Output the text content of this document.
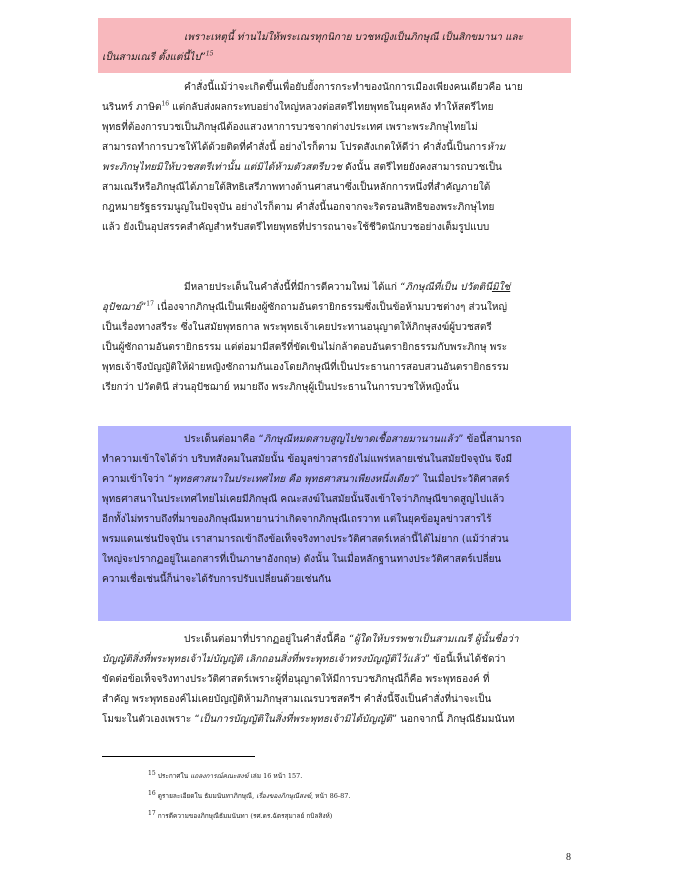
เพราะเหตุนี้ ท่านไม่ให้พระเณรทุกนิกาย บวชหญิงเป็นภิกษุณี เป็นสิกขมานา และ
เป็นสามเณรี ตั้งแต่นี้ไป”$^{15}$
คำสั่งนี้แม้ว่าจะเกิดขึ้นเพื่อยับยั้งการกระทำของนักการเมืองเพียงคนเดียวคือ นาย
นรินทร์ ภาษิต$^{16}$ แต่กลับส่งผลกระทบอย่างใหญ่หลวงต่อสตรีไทยพุทธในยุคหลัง ทำให้สตรีไทย
พุทธที่ต้องการบวชเป็นภิกษุณีต้องแสวงหาการบวชจากต่างประเทศ เพราะพระภิกษุไทยไม่
สามารถทำการบวชให้ได้ด้วยติดที่คำสั่งนี้ อย่างไรก็ตาม โปรดสังเกตให้ดีว่า คำสั่งนี้เป็นการห้าม
พระภิกษุไทยมิให้บวชสตรีเท่านั้น แต่มิได้ห้ามตัวสตรีบวช ดังนั้น สตรีไทยยังคงสามารถบวชเป็น
สามเณรีหรือภิกษุณีได้ภายใต้สิทธิเสรีภาพทางด้านศาสนาซึ่งเป็นหลักการหนึ่งที่สำคัญภายใต้
กฎหมายรัฐธรรมนูญในปัจจุบัน อย่างไรก็ตาม คำสั่งนี้นอกจากจะริดรอนสิทธิของพระภิกษุไทย
แล้ว ยังเป็นอุปสรรคสำคัญสำหรับสตรีไทยพุทธที่ปรารถนาจะใช้ชีวิตนักบวชอย่างเต็มรูปแบบ
มีหลายประเด็นในคำสั่งนี้ที่มีการตีความใหม่ ได้แก่ “ภิกษุณีที่เป็น ปวัตตินีมิใช่
อุปัชฌาย์”$^{17}$ เนื่องจากภิกษุณีเป็นเพียงผู้ซักถามอันตรายิกธรรมซึ่งเป็นข้อห้ามบวชต่างๆ ส่วนใหญ่
เป็นเรื่องทางสรีระ ซึ่งในสมัยพุทธกาล พระพุทธเจ้าเคยประทานอนุญาตให้ภิกษุสงฆ์ผู้บวชสตรี
เป็นผู้ซักถามอันตรายิกธรรม แต่ต่อมามีสตรีที่ขัดเขินไม่กล้าตอบอันตรายิกธรรมกับพระภิกษุ พระ
พุทธเจ้าจึงบัญญัติให้ฝ่ายหญิงซักถามกันเองโดยภิกษุณีที่เป็นประธานการสอบสวนอันตรายิกธรรม
เรียกว่า ปวัตตินี ส่วนอุปัชฌาย์ หมายถึง พระภิกษุผู้เป็นประธานในการบวชให้หญิงนั้น
ประเด็นต่อมาคือ “ภิกษุณีหมดสาบสูญไปขาดเชื้อสายมานานแล้ว” ข้อนี้สามารถ
ทำความเข้าใจได้ว่า บริบทสังคมในสมัยนั้น ข้อมูลข่าวสารยังไม่แพร่หลายเช่นในสมัยปัจจุบัน จึงมี
ความเข้าใจว่า “พุทธศาสนาในประเทศไทย คือ พุทธศาสนาเพียงหนึ่งเดียว” ในเมื่อประวัติศาสตร์
พุทธศาสนาในประเทศไทยไม่เคยมีภิกษุณี คณะสงฆ์ในสมัยนั้นจึงเข้าใจว่าภิกษุณีขาดสูญไปแล้ว
อีกทั้งไม่ทราบถึงที่มาของภิกษุณีมหายานว่าเกิดจากภิกษุณีเถรวาท แต่ในยุคข้อมูลข่าวสารไร้
พรมแดนเช่นปัจจุบัน เราสามารถเข้าถึงข้อเท็จจริงทางประวัติศาสตร์เหล่านี้ได้ไม่ยาก (แม้ว่าส่วน
ใหญ่จะปรากฏอยู่ในเอกสารที่เป็นภาษาอังกฤษ) ดังนั้น ในเมื่อหลักฐานทางประวัติศาสตร์เปลี่ยน
ความเชื่อเช่นนี้ก็น่าจะได้รับการปรับเปลี่ยนด้วยเช่นกัน
ประเด็นต่อมาที่ปรากฏอยู่ในคำสั่งนี้คือ “ผู้ใดให้บรรพชาเป็นสามเณรี ผู้นั้นชื่อว่า
บัญญัติสิ่งที่พระพุทธเจ้าไม่บัญญัติ เลิกถอนสิ่งที่พระพุทธเจ้าทรงบัญญัติไว้แล้ว” ข้อนี้เห็นได้ชัดว่า
ขัดต่อข้อเท็จจริงทางประวัติศาสตร์เพราะผู้ที่อนุญาตให้มีการบวชภิกษุณีก็คือ พระพุทธองค์ ที่
สำคัญ พระพุทธองค์ไม่เคยบัญญัติห้ามภิกษุสามเณรบวชสตรีฯ คำสั่งนี้จึงเป็นคำสั่งที่น่าจะเป็น
โมฆะในตัวเองเพราะ “เป็นการบัญญัติในสิ่งที่พระพุทธเจ้ามิได้บัญญัติ” นอกจากนี้ ภิกษุณีธัมมนันท
$^{15}$ ประกาศใน แถลงการณ์คณะสงฆ์ เล่ม 16 หน้า 157.
$^{16}$ ดูรายละเอียดใน ธัมมนันทาภิกษุณี, เรื่องของภิกษุณีสงฆ์, หน้า 86-87.
$^{17}$ การตีความของภิกษุณีธัมมนันทา (รศ.ดร.ฉัตรสุมาลย์ กบิลสิงห์)
8
